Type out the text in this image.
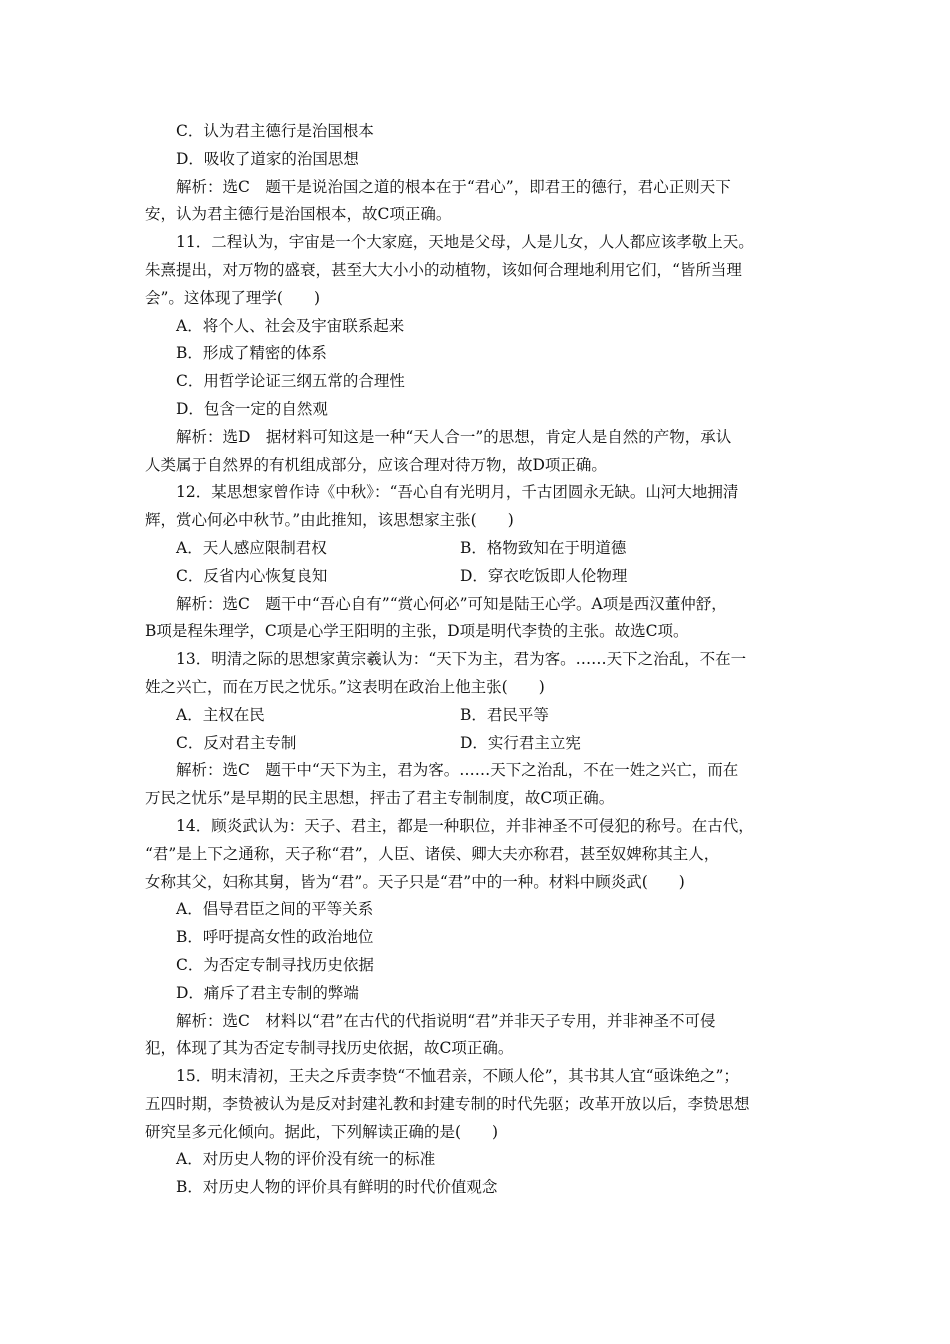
C．认为君主德行是治国根本
D．吸收了道家的治国思想
解析：选C　题干是说治国之道的根本在于“君心”，即君王的德行，君心正则天下
安，认为君主德行是治国根本，故C项正确。
11．二程认为，宇宙是一个大家庭，天地是父母，人是儿女，人人都应该孝敬上天。
朱熹提出，对万物的盛衰，甚至大大小小的动植物，该如何合理地利用它们，“皆所当理
会”。这体现了理学(　　)
A．将个人、社会及宇宙联系起来
B．形成了精密的体系
C．用哲学论证三纲五常的合理性
D．包含一定的自然观
解析：选D　据材料可知这是一种“天人合一”的思想，肯定人是自然的产物，承认
人类属于自然界的有机组成部分，应该合理对待万物，故D项正确。
12．某思想家曾作诗《中秋》：“吾心自有光明月，千古团圆永无缺。山河大地拥清
辉，赏心何必中秋节。”由此推知，该思想家主张(　　)
A．天人感应限制君权	B．格物致知在于明道德
C．反省内心恢复良知	D．穿衣吃饭即人伦物理
解析：选C　题干中“吾心自有”“赏心何必”可知是陆王心学。A项是西汉董仲舒，
B项是程朱理学，C项是心学王阳明的主张，D项是明代李贽的主张。故选C项。
13．明清之际的思想家黄宗羲认为：“天下为主，君为客。……天下之治乱，不在一
姓之兴亡，而在万民之忧乐。”这表明在政治上他主张(　　)
A．主权在民	B．君民平等
C．反对君主专制	D．实行君主立宪
解析：选C　题干中“天下为主，君为客。……天下之治乱，不在一姓之兴亡，而在
万民之忧乐”是早期的民主思想，抨击了君主专制制度，故C项正确。
14．顾炎武认为：天子、君主，都是一种职位，并非神圣不可侵犯的称号。在古代，
“君”是上下之通称，天子称“君”，人臣、诸侯、卿大夫亦称君，甚至奴婢称其主人，
女称其父，妇称其舅，皆为“君”。天子只是“君”中的一种。材料中顾炎武(　　)
A．倡导君臣之间的平等关系
B．呼吁提高女性的政治地位
C．为否定专制寻找历史依据
D．痛斥了君主专制的弊端
解析：选C　材料以“君”在古代的代指说明“君”并非天子专用，并非神圣不可侵
犯，体现了其为否定专制寻找历史依据，故C项正确。
15．明末清初，王夫之斥责李贽“不恤君亲，不顾人伦”，其书其人宜“亟诛绝之”；
五四时期，李贽被认为是反对封建礼教和封建专制的时代先驱；改革开放以后，李贽思想
研究呈多元化倾向。据此，下列解读正确的是(　　)
A．对历史人物的评价没有统一的标准
B．对历史人物的评价具有鲜明的时代价值观念
